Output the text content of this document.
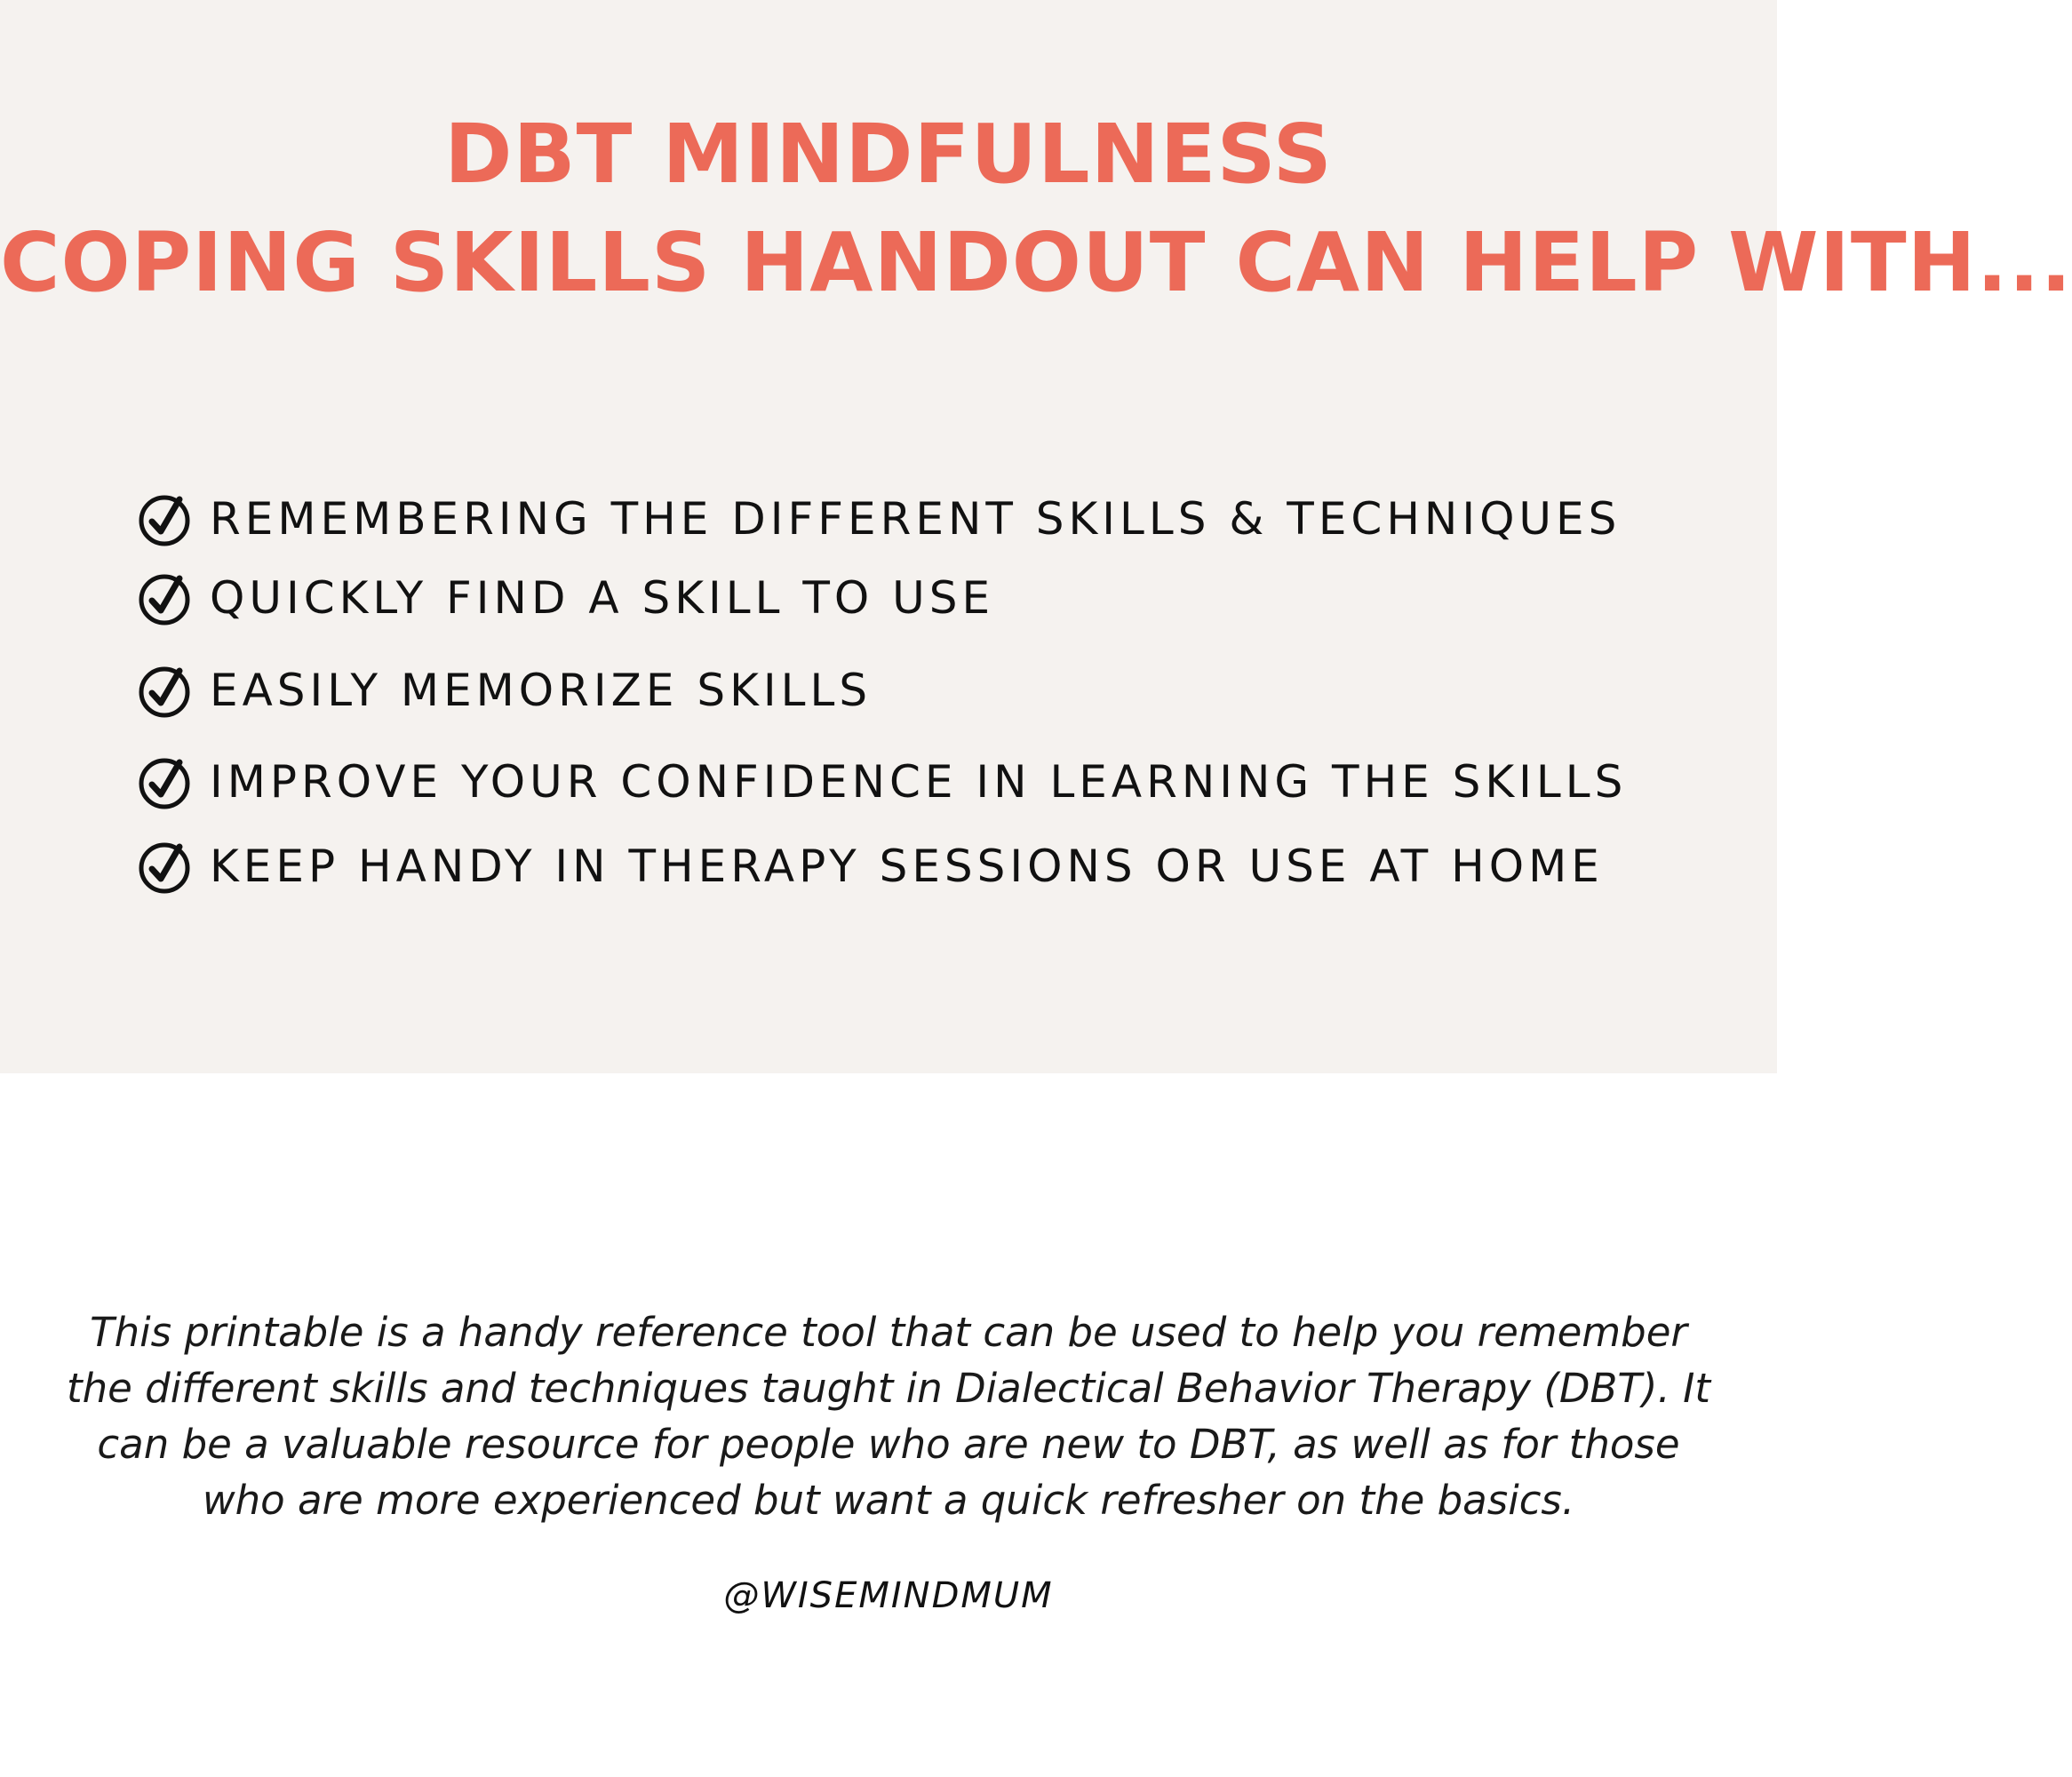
DBT MINDFULNESS
COPING SKILLS HANDOUT CAN HELP WITH...
REMEMBERING THE DIFFERENT SKILLS & TECHNIQUES
QUICKLY FIND A SKILL TO USE
EASILY MEMORIZE SKILLS
IMPROVE YOUR CONFIDENCE IN LEARNING THE SKILLS
KEEP HANDY IN THERAPY SESSIONS OR USE AT HOME

This printable is a handy reference tool that can be used to help you remember the different skills and techniques taught in Dialectical Behavior Therapy (DBT). It can be a valuable resource for people who are new to DBT, as well as for those who are more experienced but want a quick refresher on the basics.

@WISEMINDMUM
